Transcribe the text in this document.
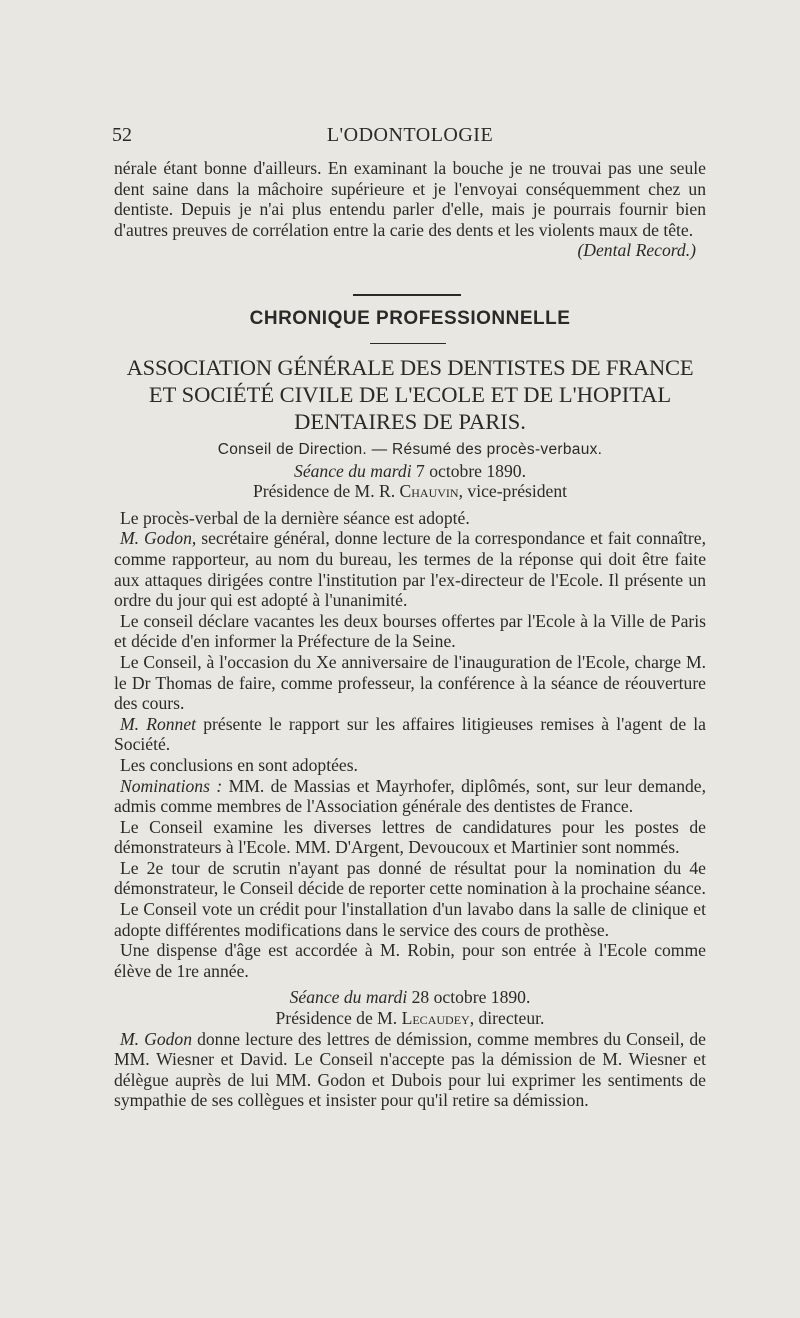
52	L'ODONTOLOGIE

nérale étant bonne d'ailleurs. En examinant la bouche je ne trouvai pas une seule dent saine dans la mâchoire supérieure et je l'envoyai conséquemment chez un dentiste. Depuis je n'ai plus entendu parler d'elle, mais je pourrais fournir bien d'autres preuves de corrélation entre la carie des dents et les violents maux de tête.

(Dental Record.)
CHRONIQUE PROFESSIONNELLE
ASSOCIATION GÉNÉRALE DES DENTISTES DE FRANCE
ET SOCIÉTÉ CIVILE DE L'ECOLE ET DE L'HOPITAL
DENTAIRES DE PARIS.
Conseil de Direction. — Résumé des procès-verbaux.
Séance du mardi 7 octobre 1890.
Présidence de M. R. Chauvin, vice-président

Le procès-verbal de la dernière séance est adopté.

M. Godon, secrétaire général, donne lecture de la correspondance et fait connaître, comme rapporteur, au nom du bureau, les termes de la réponse qui doit être faite aux attaques dirigées contre l'institution par l'ex-directeur de l'Ecole. Il présente un ordre du jour qui est adopté à l'unanimité.

Le conseil déclare vacantes les deux bourses offertes par l'Ecole à la Ville de Paris et décide d'en informer la Préfecture de la Seine.

Le Conseil, à l'occasion du Xe anniversaire de l'inauguration de l'Ecole, charge M. le Dr Thomas de faire, comme professeur, la conférence à la séance de réouverture des cours.

M. Ronnet présente le rapport sur les affaires litigieuses remises à l'agent de la Société.

Les conclusions en sont adoptées.

Nominations : MM. de Massias et Mayrhofer, diplômés, sont, sur leur demande, admis comme membres de l'Association générale des dentistes de France.

Le Conseil examine les diverses lettres de candidatures pour les postes de démonstrateurs à l'Ecole. MM. D'Argent, Devoucoux et Martinier sont nommés.

Le 2e tour de scrutin n'ayant pas donné de résultat pour la nomination du 4e démonstrateur, le Conseil décide de reporter cette nomination à la prochaine séance.

Le Conseil vote un crédit pour l'installation d'un lavabo dans la salle de clinique et adopte différentes modifications dans le service des cours de prothèse.

Une dispense d'âge est accordée à M. Robin, pour son entrée à l'Ecole comme élève de 1re année.

Séance du mardi 28 octobre 1890.
Présidence de M. Lecaudey, directeur.

M. Godon donne lecture des lettres de démission, comme membres du Conseil, de MM. Wiesner et David. Le Conseil n'accepte pas la démission de M. Wiesner et délègue auprès de lui MM. Godon et Dubois pour lui exprimer les sentiments de sympathie de ses collègues et insister pour qu'il retire sa démission.
